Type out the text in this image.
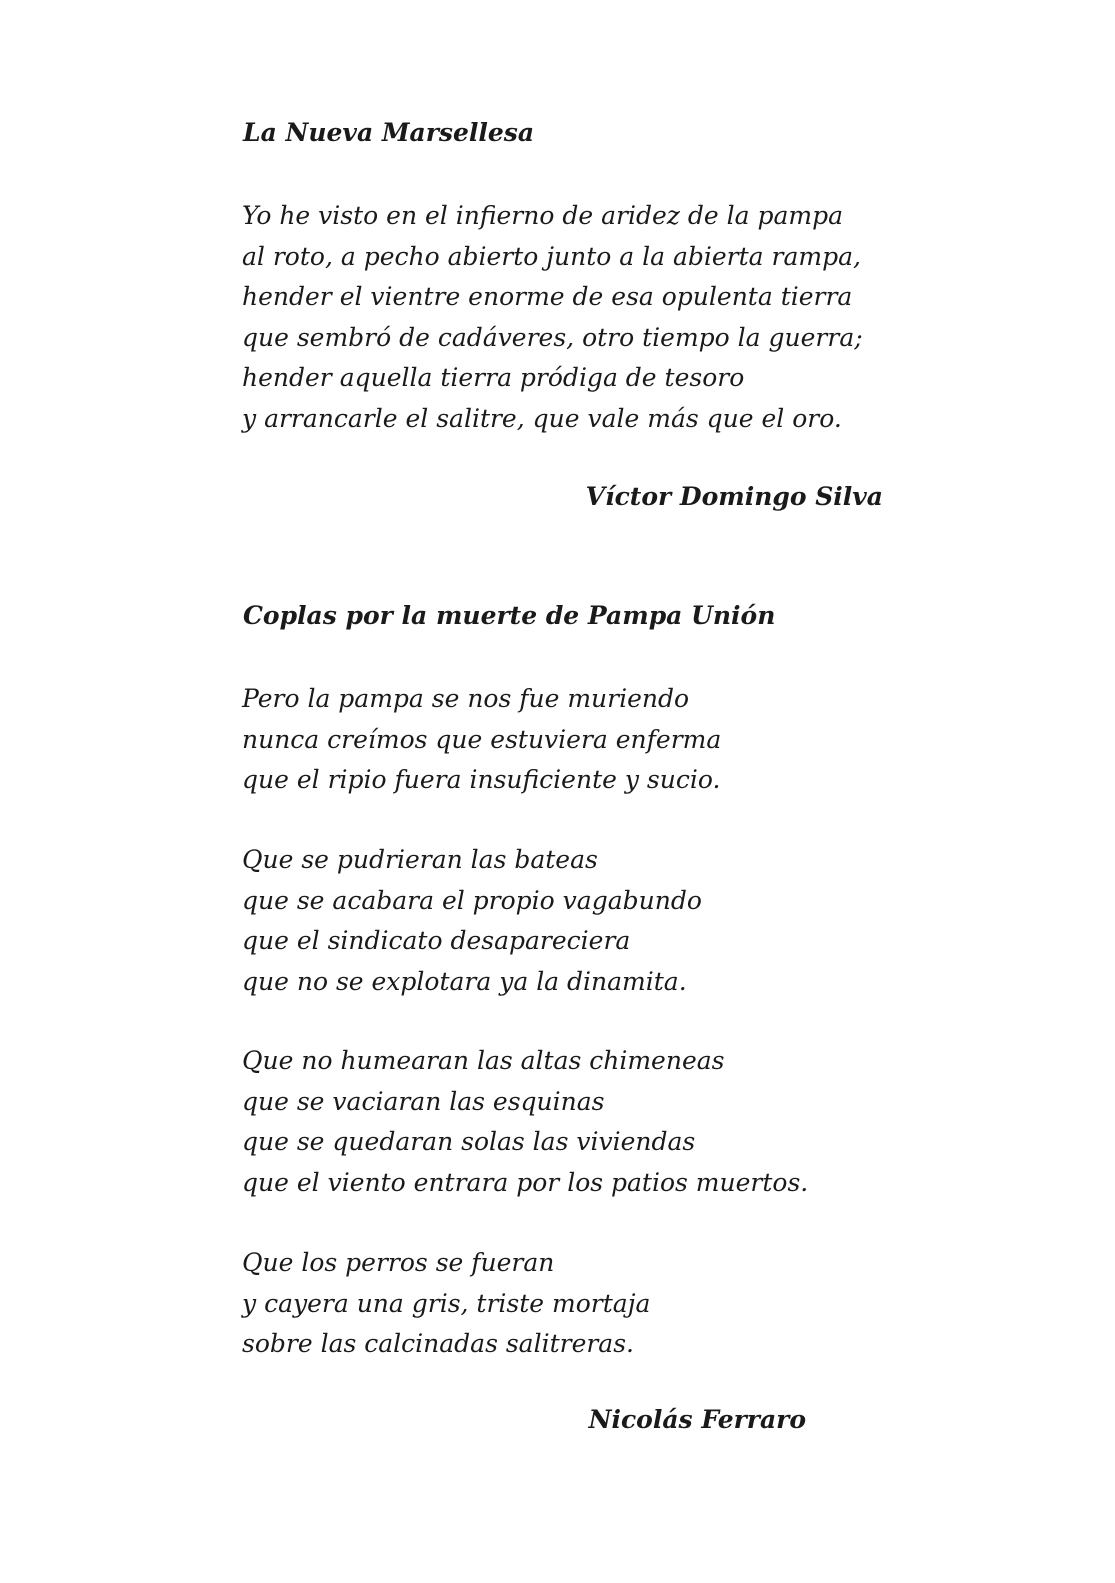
La Nueva Marsellesa
Yo he visto en el infierno de aridez de la pampa
al roto, a pecho abierto junto a la abierta rampa,
hender el vientre enorme de esa opulenta tierra
que sembró de cadáveres, otro tiempo la guerra;
hender aquella tierra pródiga de tesoro
y arrancarle el salitre, que vale más que el oro.

Víctor Domingo Silva

Coplas por la muerte de Pampa Unión
Pero la pampa se nos fue muriendo
nunca creímos que estuviera enferma
que el ripio fuera insuficiente y sucio.
Que se pudrieran las bateas
que se acabara el propio vagabundo
que el sindicato desapareciera
que no se explotara ya la dinamita.
Que no humearan las altas chimeneas
que se vaciaran las esquinas
que se quedaran solas las viviendas
que el viento entrara por los patios muertos.
Que los perros se fueran
y cayera una gris, triste mortaja
sobre las calcinadas salitreras.

Nicolás Ferraro
